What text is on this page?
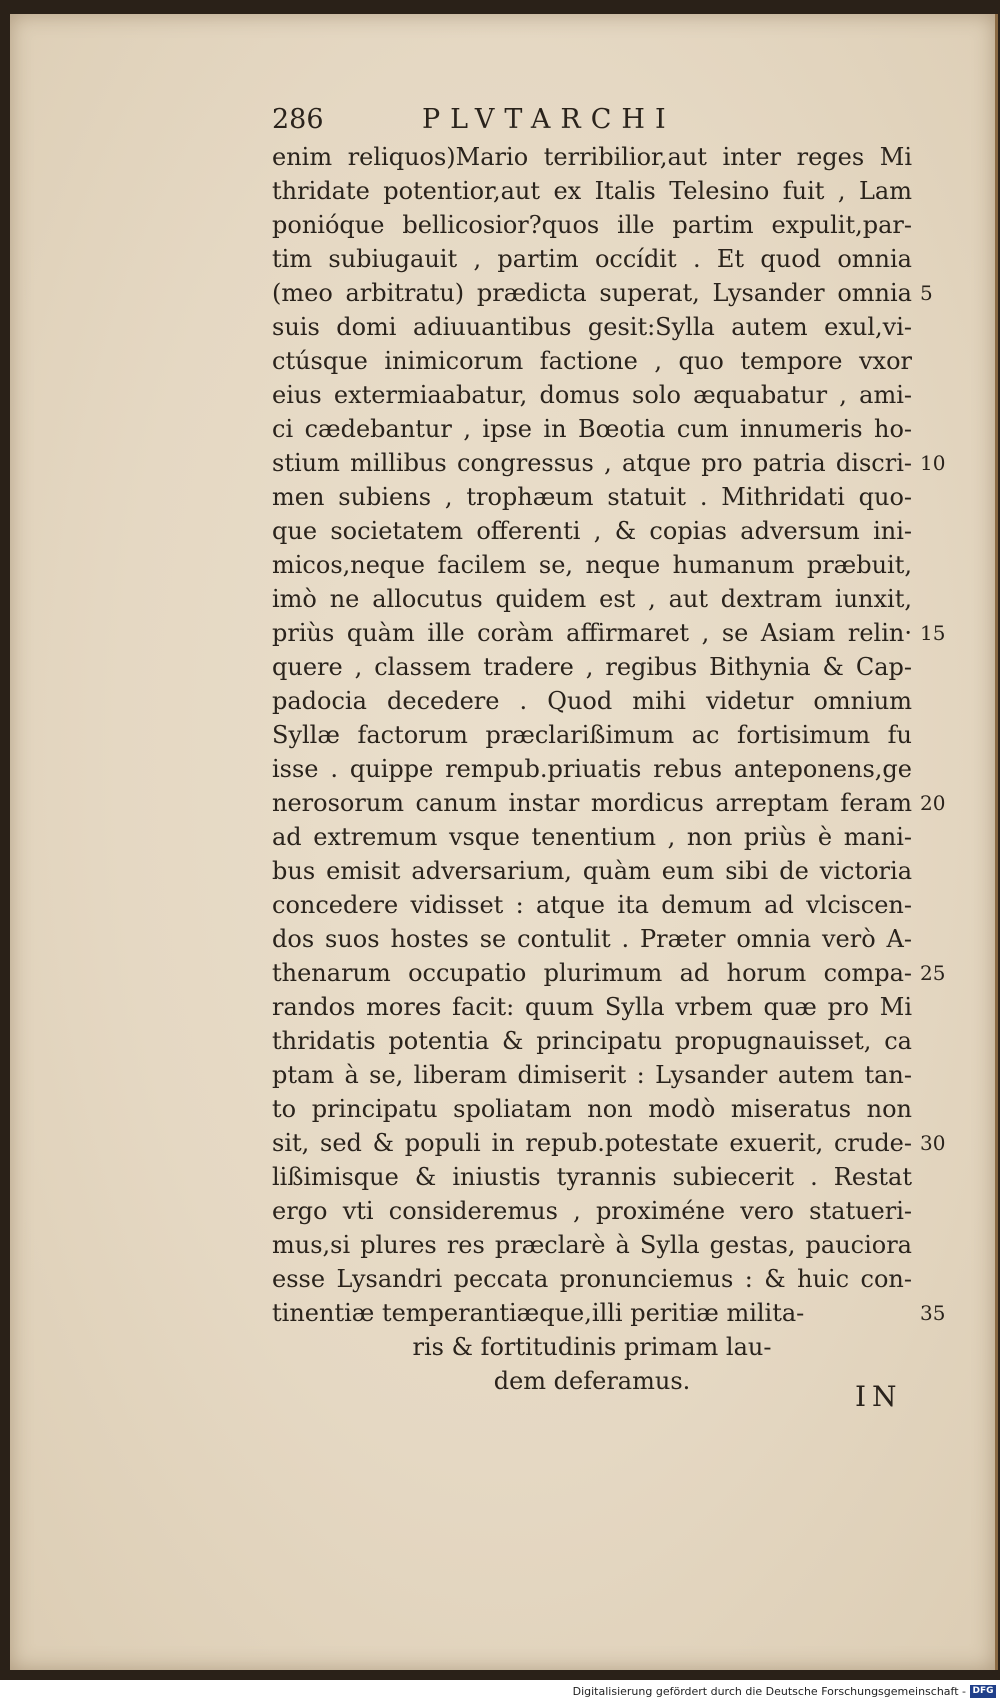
286	PLVTARCHI
enim reliquos)Mario terribilior,aut inter reges Mi
thridate potentior,aut ex Italis Telesino fuit , Lam
ponióque bellicosior?quos ille partim expulit,par-
tim subiugauit , partim occídit . Et quod omnia
(meo arbitratu) prædicta superat, Lysander omnia 5
suis domi adiuuantibus gesit:Sylla autem exul,vi-
ctúsque inimicorum factione , quo tempore vxor
eius extermiaabatur, domus solo æquabatur , ami-
ci cædebantur , ipse in Bœotia cum innumeris ho-
stium millibus congressus , atque pro patria discri- 10
men subiens , trophæum statuit . Mithridati quo-
que societatem offerenti , & copias adversum ini-
micos,neque facilem se, neque humanum præbuit,
imò ne allocutus quidem est , aut dextram iunxit,
priùs quàm ille coràm affirmaret , se Asiam relin· 15
quere , classem tradere , regibus Bithynia & Cap-
padocia decedere . Quod mihi videtur omnium
Syllæ factorum præclarißimum ac fortisimum fu
isse . quippe rempub.priuatis rebus anteponens,ge
nerosorum canum instar mordicus arreptam feram 20
ad extremum vsque tenentium , non priùs è mani-
bus emisit adversarium, quàm eum sibi de victoria
concedere vidisset : atque ita demum ad vlciscen-
dos suos hostes se contulit . Præter omnia verò A-
thenarum occupatio plurimum ad horum compa- 25
randos mores facit: quum Sylla vrbem quæ pro Mi
thridatis potentia & principatu propugnauisset, ca
ptam à se, liberam dimiserit : Lysander autem tan-
to principatu spoliatam non modò miseratus non
sit, sed & populi in repub.potestate exuerit, crude- 30
lißimisque & iniustis tyrannis subiecerit . Restat
ergo vti consideremus , proximéne vero statueri-
mus,si plures res præclarè à Sylla gestas, pauciora
esse Lysandri peccata pronunciemus : & huic con-
tinentiæ temperantiæque,illi peritiæ milita-	35
ris & fortitudinis primam lau-
dem deferamus.	IN
Digitalisierung gefördert durch die Deutsche Forschungsgemeinschaft - DFG
